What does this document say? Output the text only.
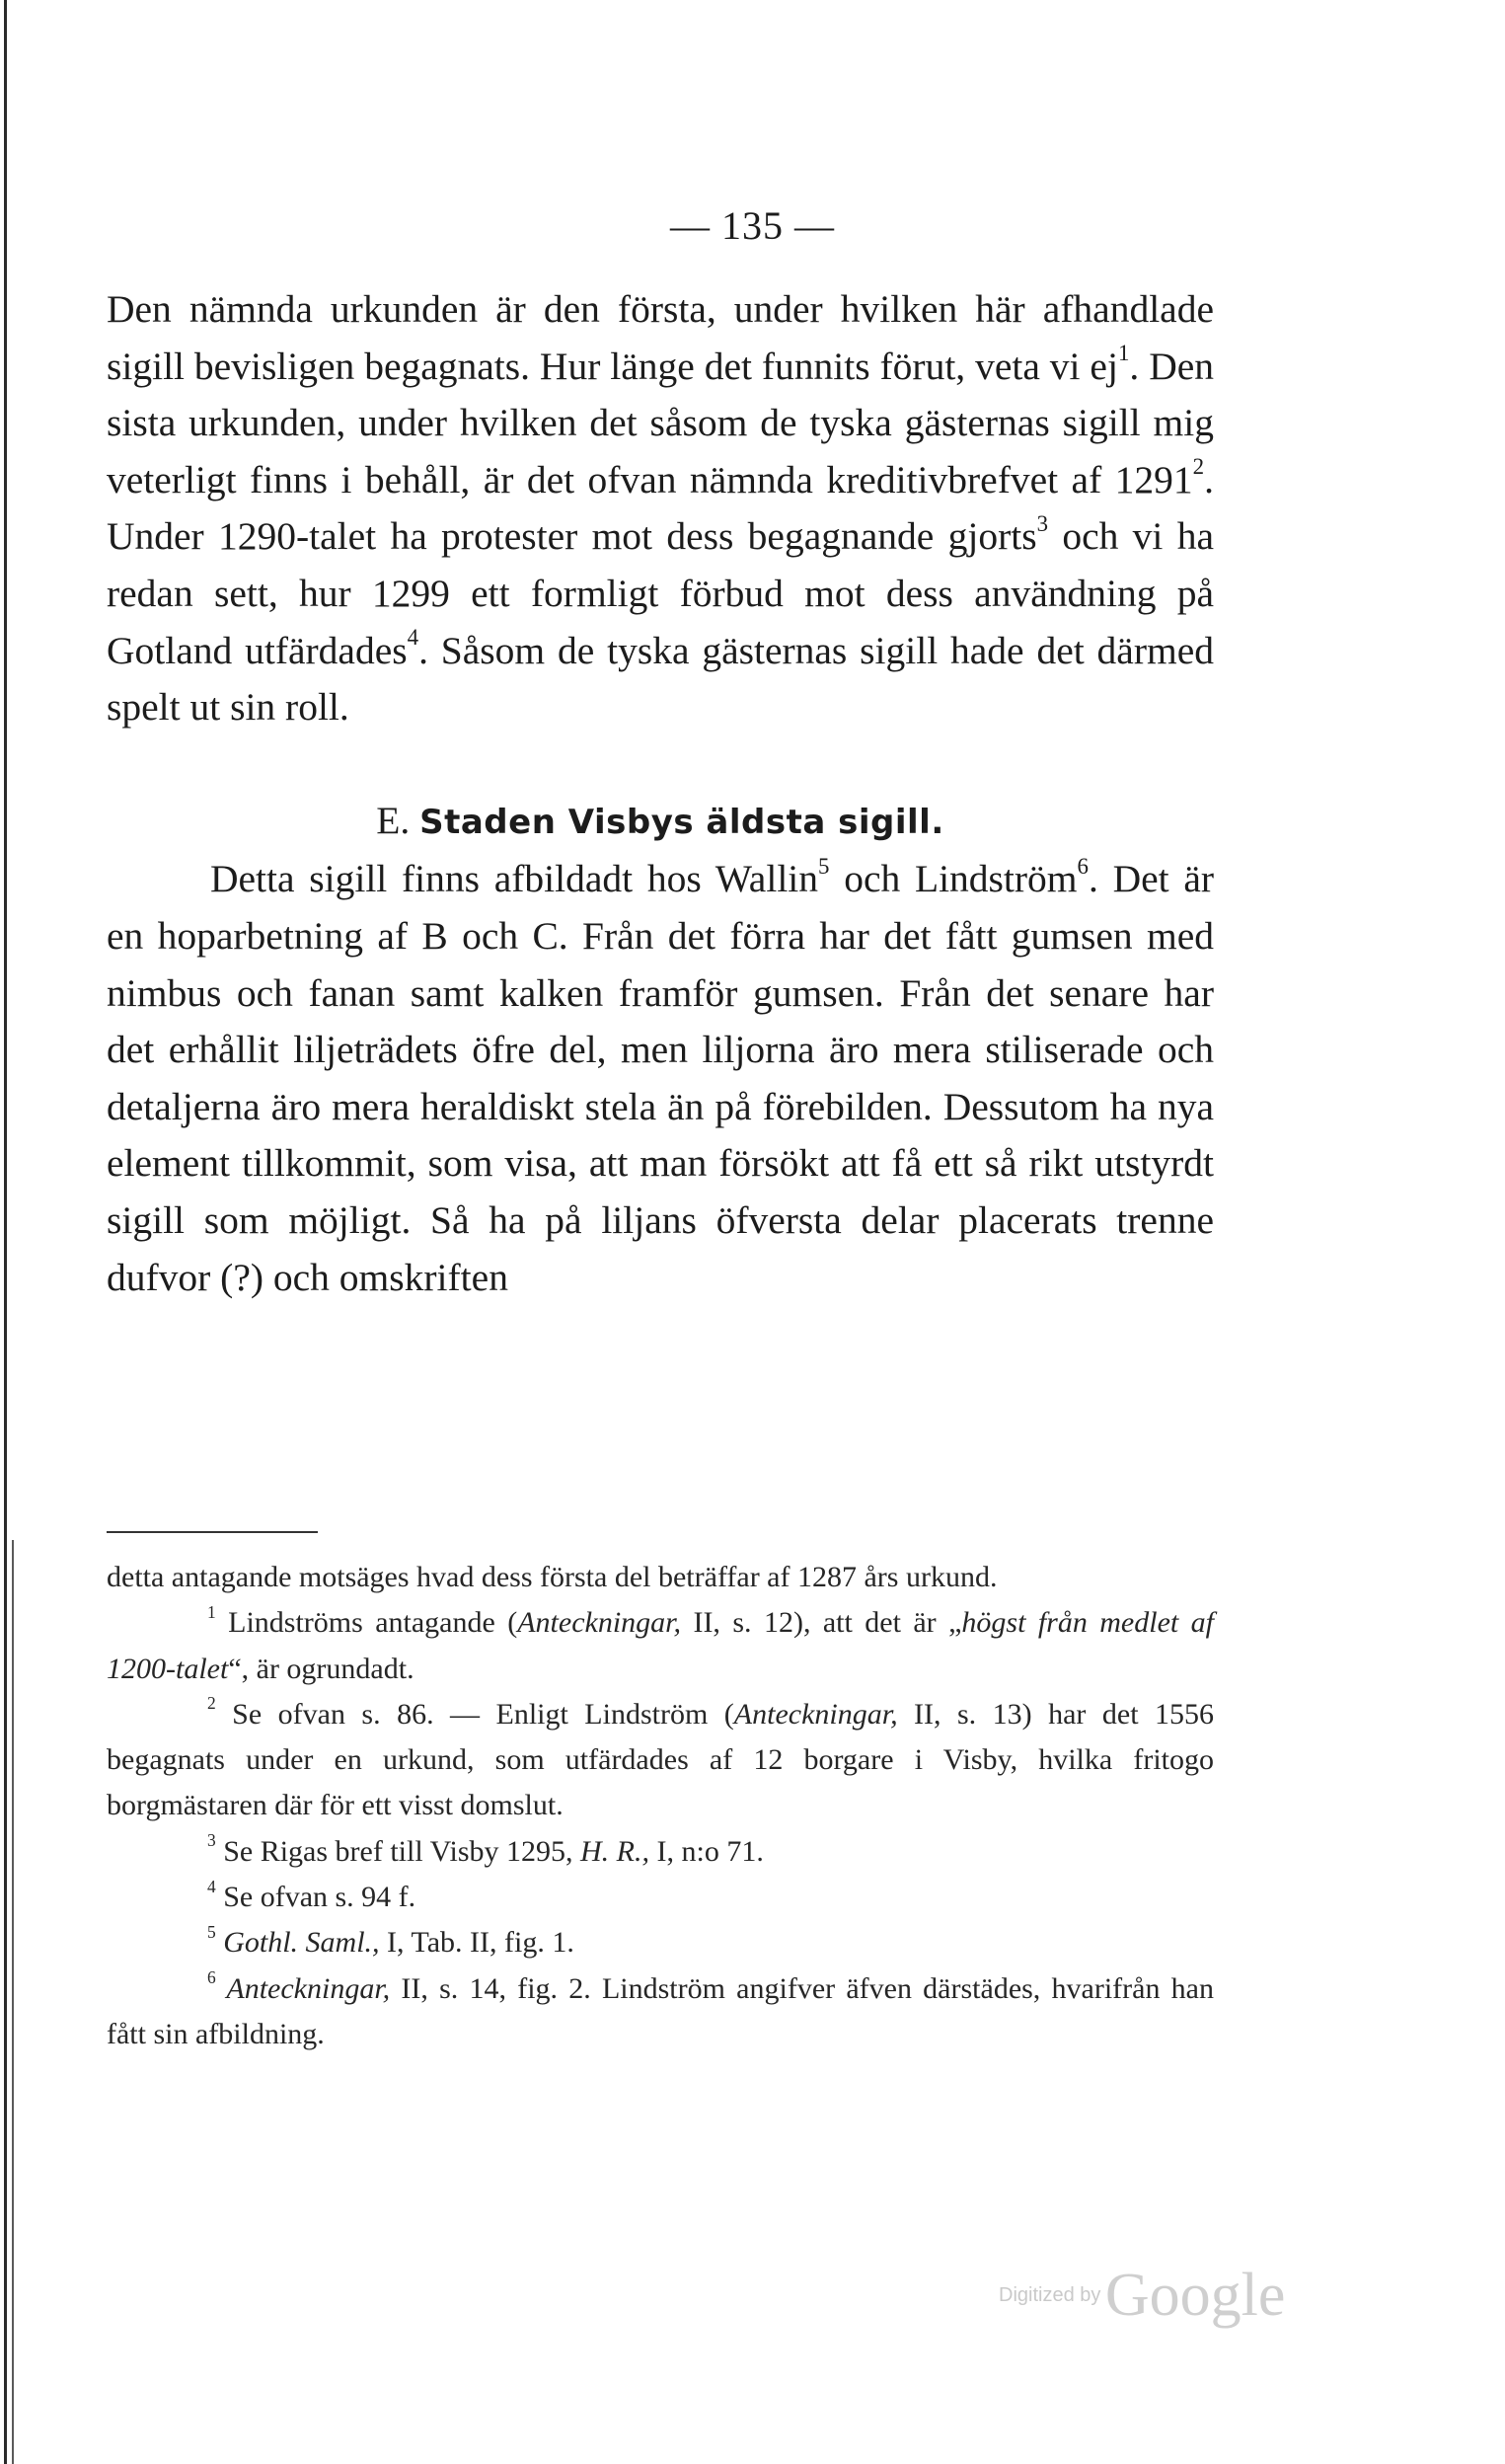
— 135 —

Den nämnda urkunden är den första, under hvilken här afhandlade sigill bevisligen begagnats. Hur länge det funnits förut, veta vi $ej^1$. Den sista urkunden, under hvilken det såsom de tyska gästernas sigill mig veterligt finns i behåll, är det ofvan nämnda kreditivbrefvet af 1291$^2$. Under 1290-talet ha protester mot dess begagnande gjorts$^3$ och vi ha redan sett, hur 1299 ett formligt förbud mot dess användning på Gotland utfärdades$^4$. Såsom de tyska gästernas sigill hade det därmed spelt ut sin roll.

E. Staden Visbys äldsta sigill.

Detta sigill finns afbildadt hos Wallin$^5$ och Lindström$^6$. Det är en hoparbetning af B och C. Från det förra har det fått gumsen med nimbus och fanan samt kalken framför gumsen. Från det senare har det erhållit liljeträdets öfre del, men liljorna äro mera stiliserade och detaljerna äro mera heraldiskt stela än på förebilden. Dessutom ha nya element tillkommit, som visa, att man försökt att få ett så rikt utstyrdt sigill som möjligt. Så ha på liljans öfversta delar placerats trenne dufvor (?) och omskriften

detta antagande motsäges hvad dess första del beträffar af 1287 års urkund.

$^1$ Lindströms antagande (Anteckningar, II, s. 12), att det är „högst från medlet af 1200-talet“, är ogrundadt.

$^2$ Se ofvan s. 86. — Enligt Lindström (Anteckningar, II, s. 13) har det 1556 begagnats under en urkund, som utfärdades af 12 borgare i Visby, hvilka fritogo borgmästaren där för ett visst domslut.

$^3$ Se Rigas bref till Visby 1295, H. R., I, n:o 71.

$^4$ Se ofvan s. 94 f.

$^5$ Gothl. Saml., I, Tab. II, fig. 1.

$^6$ Anteckningar, II, s. 14, fig. 2. Lindström angifver äfven därstädes, hvarifrån han fått sin afbildning.

Digitized by Google
